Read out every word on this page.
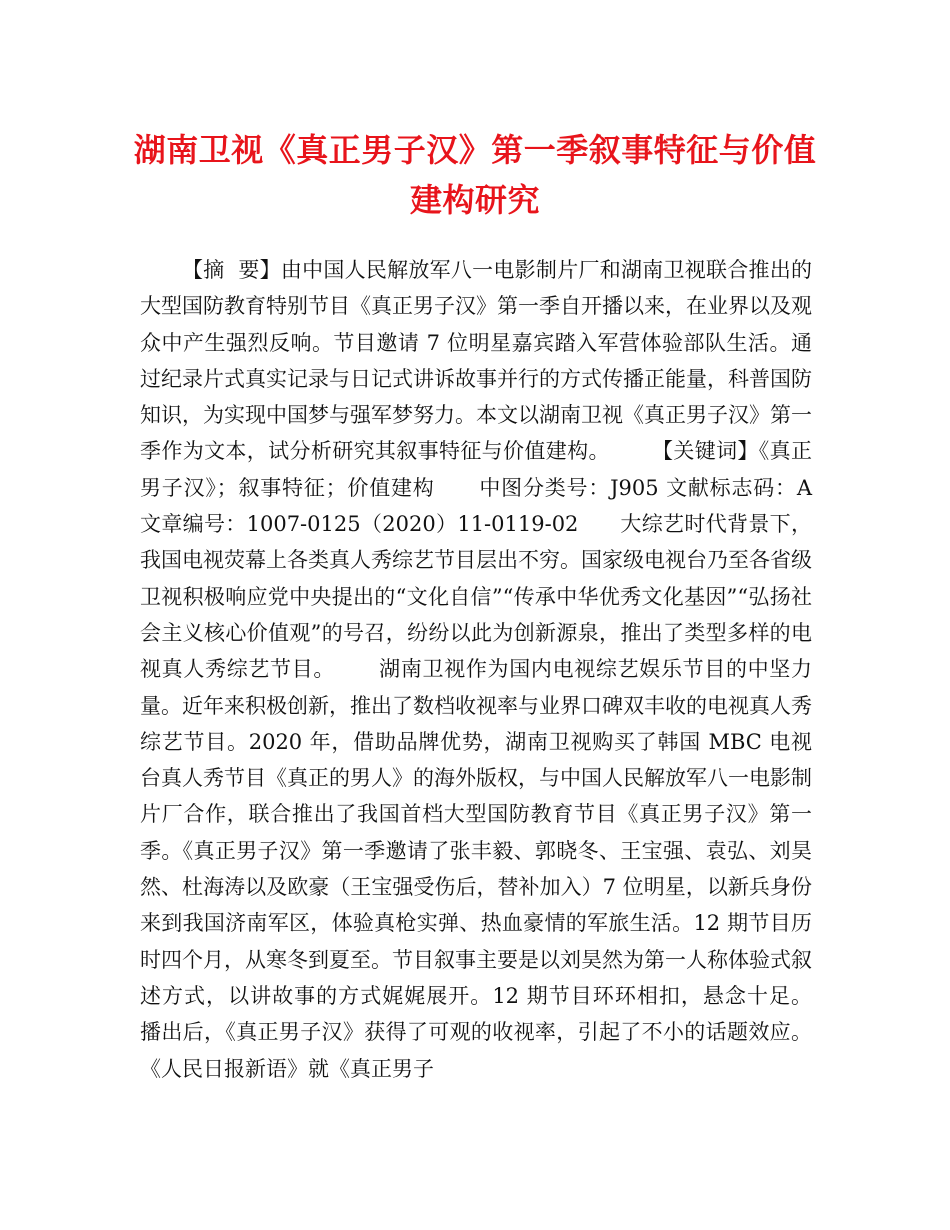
湖南卫视《真正男子汉》第一季叙事特征与价值建构研究

【摘  要】由中国人民解放军八一电影制片厂和湖南卫视联合推出的大型国防教育特别节目《真正男子汉》第一季自开播以来，在业界以及观众中产生强烈反响。节目邀请 7 位明星嘉宾踏入军营体验部队生活。通过纪录片式真实记录与日记式讲诉故事并行的方式传播正能量，科普国防知识，为实现中国梦与强军梦努力。本文以湖南卫视《真正男子汉》第一季作为文本，试分析研究其叙事特征与价值建构。      【关键词】《真正男子汉》；叙事特征；价值建构      中图分类号：J905 文献标志码：A 文章编号：1007-0125（2020）11-0119-02      大综艺时代背景下，我国电视荧幕上各类真人秀综艺节目层出不穷。国家级电视台乃至各省级卫视积极响应党中央提出的“文化自信”“传承中华优秀文化基因”“弘扬社会主义核心价值观”的号召，纷纷以此为创新源泉，推出了类型多样的电视真人秀综艺节目。      湖南卫视作为国内电视综艺娱乐节目的中坚力量。近年来积极创新，推出了数档收视率与业界口碑双丰收的电视真人秀综艺节目。2020 年，借助品牌优势，湖南卫视购买了韩国 MBC 电视台真人秀节目《真正的男人》的海外版权，与中国人民解放军八一电影制片厂合作，联合推出了我国首档大型国防教育节目《真正男子汉》第一季。《真正男子汉》第一季邀请了张丰毅、郭晓冬、王宝强、袁弘、刘昊然、杜海涛以及欧豪（王宝强受伤后，替补加入）7 位明星，以新兵身份来到我国济南军区，体验真枪实弹、热血豪情的军旅生活。12 期节目历时四个月，从寒冬到夏至。节目叙事主要是以刘昊然为第一人称体验式叙述方式，以讲故事的方式娓娓展开。12 期节目环环相扣，悬念十足。      播出后，《真正男子汉》获得了可观的收视率，引起了不小的话题效应。《人民日报新语》就《真正男子
